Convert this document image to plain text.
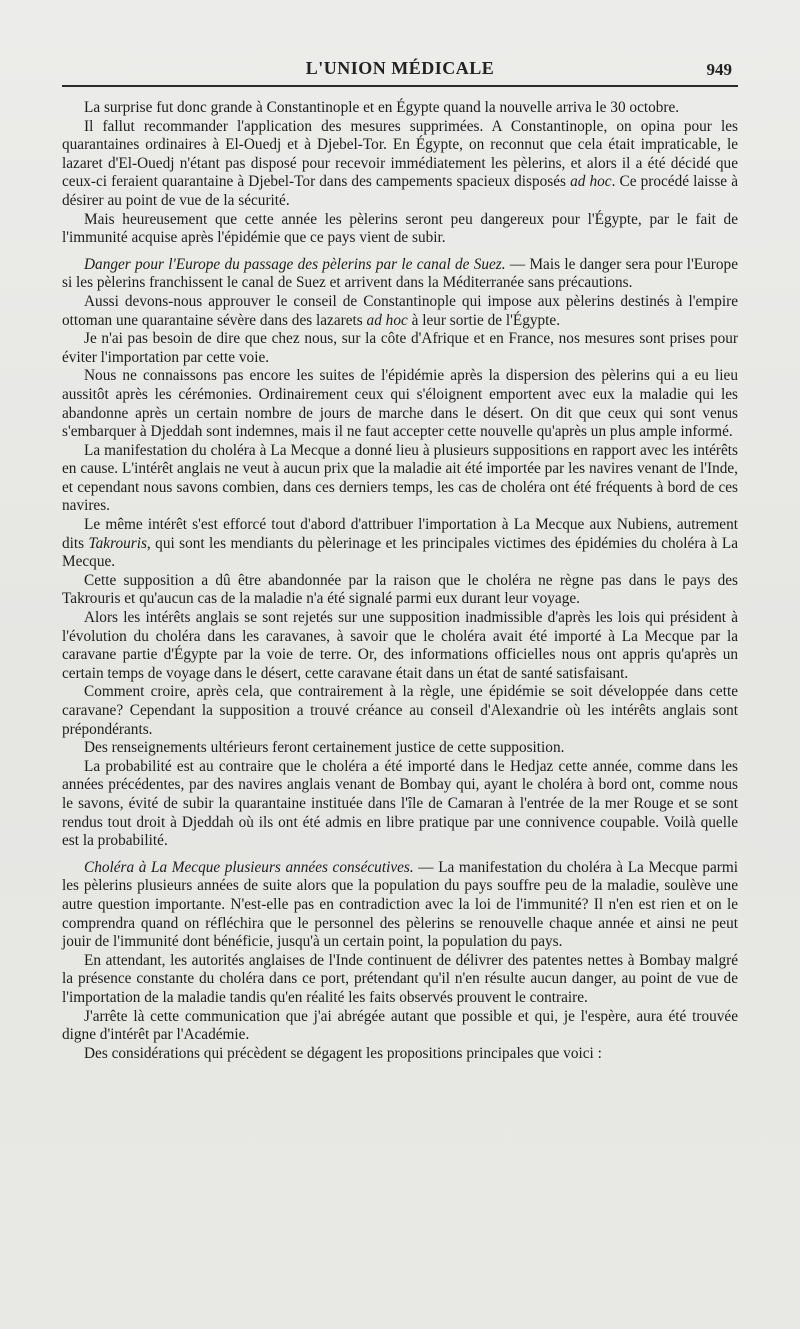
L'UNION MÉDICALE	949

La surprise fut donc grande à Constantinople et en Égypte quand la nouvelle arriva le 30 octobre.

Il fallut recommander l'application des mesures supprimées. A Constantinople, on opina pour les quarantaines ordinaires à El-Ouedj et à Djebel-Tor. En Égypte, on reconnut que cela était impraticable, le lazaret d'El-Ouedj n'étant pas disposé pour recevoir immédiatement les pèlerins, et alors il a été décidé que ceux-ci feraient quarantaine à Djebel-Tor dans des campements spacieux disposés ad hoc. Ce procédé laisse à désirer au point de vue de la sécurité.

Mais heureusement que cette année les pèlerins seront peu dangereux pour l'Égypte, par le fait de l'immunité acquise après l'épidémie que ce pays vient de subir.

Danger pour l'Europe du passage des pèlerins par le canal de Suez. — Mais le danger sera pour l'Europe si les pèlerins franchissent le canal de Suez et arrivent dans la Méditerranée sans précautions.

Aussi devons-nous approuver le conseil de Constantinople qui impose aux pèlerins destinés à l'empire ottoman une quarantaine sévère dans des lazarets ad hoc à leur sortie de l'Égypte.

Je n'ai pas besoin de dire que chez nous, sur la côte d'Afrique et en France, nos mesures sont prises pour éviter l'importation par cette voie.

Nous ne connaissons pas encore les suites de l'épidémie après la dispersion des pèlerins qui a eu lieu aussitôt après les cérémonies. Ordinairement ceux qui s'éloignent emportent avec eux la maladie qui les abandonne après un certain nombre de jours de marche dans le désert. On dit que ceux qui sont venus s'embarquer à Djeddah sont indemnes, mais il ne faut accepter cette nouvelle qu'après un plus ample informé.

La manifestation du choléra à La Mecque a donné lieu à plusieurs suppositions en rapport avec les intérêts en cause. L'intérêt anglais ne veut à aucun prix que la maladie ait été importée par les navires venant de l'Inde, et cependant nous savons combien, dans ces derniers temps, les cas de choléra ont été fréquents à bord de ces navires.

Le même intérêt s'est efforcé tout d'abord d'attribuer l'importation à La Mecque aux Nubiens, autrement dits Takrouris, qui sont les mendiants du pèlerinage et les principales victimes des épidémies du choléra à La Mecque.

Cette supposition a dû être abandonnée par la raison que le choléra ne règne pas dans le pays des Takrouris et qu'aucun cas de la maladie n'a été signalé parmi eux durant leur voyage.

Alors les intérêts anglais se sont rejetés sur une supposition inadmissible d'après les lois qui président à l'évolution du choléra dans les caravanes, à savoir que le choléra avait été importé à La Mecque par la caravane partie d'Égypte par la voie de terre. Or, des informations officielles nous ont appris qu'après un certain temps de voyage dans le désert, cette caravane était dans un état de santé satisfaisant.

Comment croire, après cela, que contrairement à la règle, une épidémie se soit développée dans cette caravane? Cependant la supposition a trouvé créance au conseil d'Alexandrie où les intérêts anglais sont prépondérants.

Des renseignements ultérieurs feront certainement justice de cette supposition.

La probabilité est au contraire que le choléra a été importé dans le Hedjaz cette année, comme dans les années précédentes, par des navires anglais venant de Bombay qui, ayant le choléra à bord ont, comme nous le savons, évité de subir la quarantaine instituée dans l'île de Camaran à l'entrée de la mer Rouge et se sont rendus tout droit à Djeddah où ils ont été admis en libre pratique par une connivence coupable. Voilà quelle est la probabilité.

Choléra à La Mecque plusieurs années consécutives. — La manifestation du choléra à La Mecque parmi les pèlerins plusieurs années de suite alors que la population du pays souffre peu de la maladie, soulève une autre question importante. N'est-elle pas en contradiction avec la loi de l'immunité? Il n'en est rien et on le comprendra quand on réfléchira que le personnel des pèlerins se renouvelle chaque année et ainsi ne peut jouir de l'immunité dont bénéficie, jusqu'à un certain point, la population du pays.

En attendant, les autorités anglaises de l'Inde continuent de délivrer des patentes nettes à Bombay malgré la présence constante du choléra dans ce port, prétendant qu'il n'en résulte aucun danger, au point de vue de l'importation de la maladie tandis qu'en réalité les faits observés prouvent le contraire.

J'arrête là cette communication que j'ai abrégée autant que possible et qui, je l'espère, aura été trouvée digne d'intérêt par l'Académie.

Des considérations qui précèdent se dégagent les propositions principales que voici :
